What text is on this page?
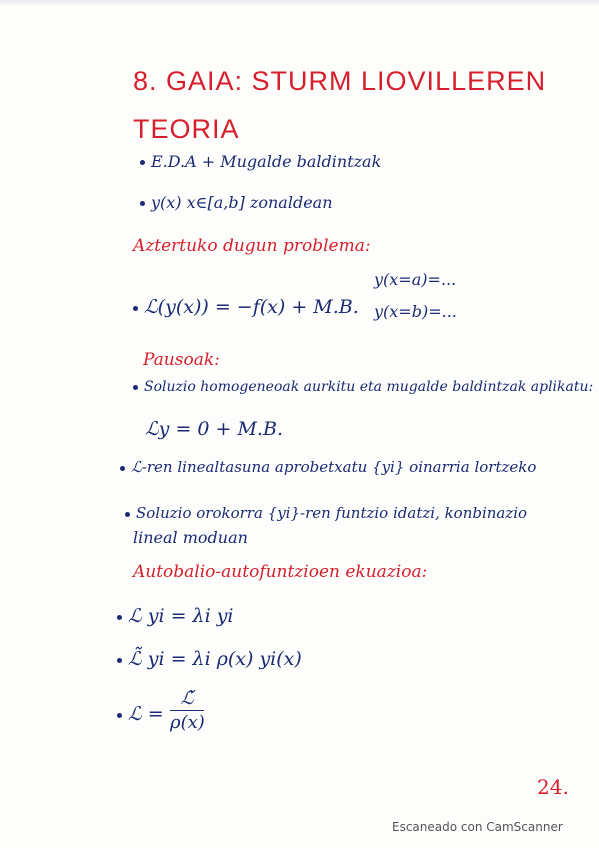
8. GAIA: STURM LIOVILLEREN
TEORIA
E.D.A + Mugalde baldintzak
y(x) x∈[a,b] zonaldean
Aztertuko dugun problema:
ℒ(y(x)) = −f(x) + M.B.
y(x=a)=...
y(x=b)=...
Pausoak:
Soluzio homogeneoak aurkitu eta mugalde baldintzak aplikatu:
ℒy = 0 + M.B.
ℒ-ren linealtasuna aprobetxatu {yi} oinarria lortzeko
Soluzio orokorra {yi}-ren funtzio idatzi, konbinazio
lineal moduan
Autobalio-autofuntzioen ekuazioa:
ℒ yi = λi yi
ℒ̃ yi = λi ρ(x) yi(x)
ℒ =
ℒ̃
ρ(x)
24.
Escaneado con CamScanner
